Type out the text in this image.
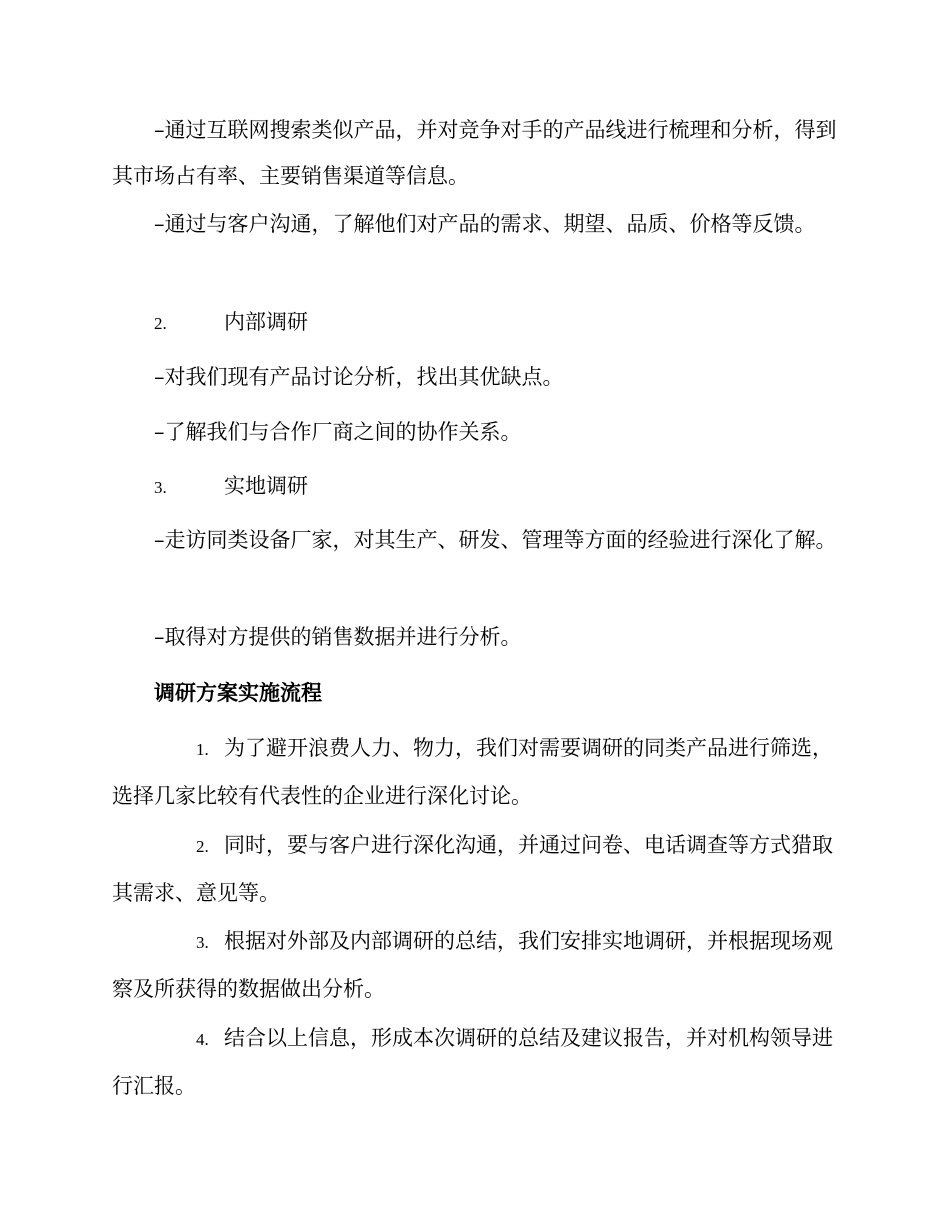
–通过互联网搜索类似产品，并对竞争对手的产品线进行梳理和分析，得到其市场占有率、主要销售渠道等信息。

–通过与客户沟通，了解他们对产品的需求、期望、品质、价格等反馈。

2.	内部调研

–对我们现有产品讨论分析，找出其优缺点。

–了解我们与合作厂商之间的协作关系。

3.	实地调研

–走访同类设备厂家，对其生产、研发、管理等方面的经验进行深化了解。

–取得对方提供的销售数据并进行分析。

调研方案实施流程

1. 为了避开浪费人力、物力，我们对需要调研的同类产品进行筛选，选择几家比较有代表性的企业进行深化讨论。

2. 同时，要与客户进行深化沟通，并通过问卷、电话调查等方式猎取其需求、意见等。

3. 根据对外部及内部调研的总结，我们安排实地调研，并根据现场观察及所获得的数据做出分析。

4. 结合以上信息，形成本次调研的总结及建议报告，并对机构领导进行汇报。
